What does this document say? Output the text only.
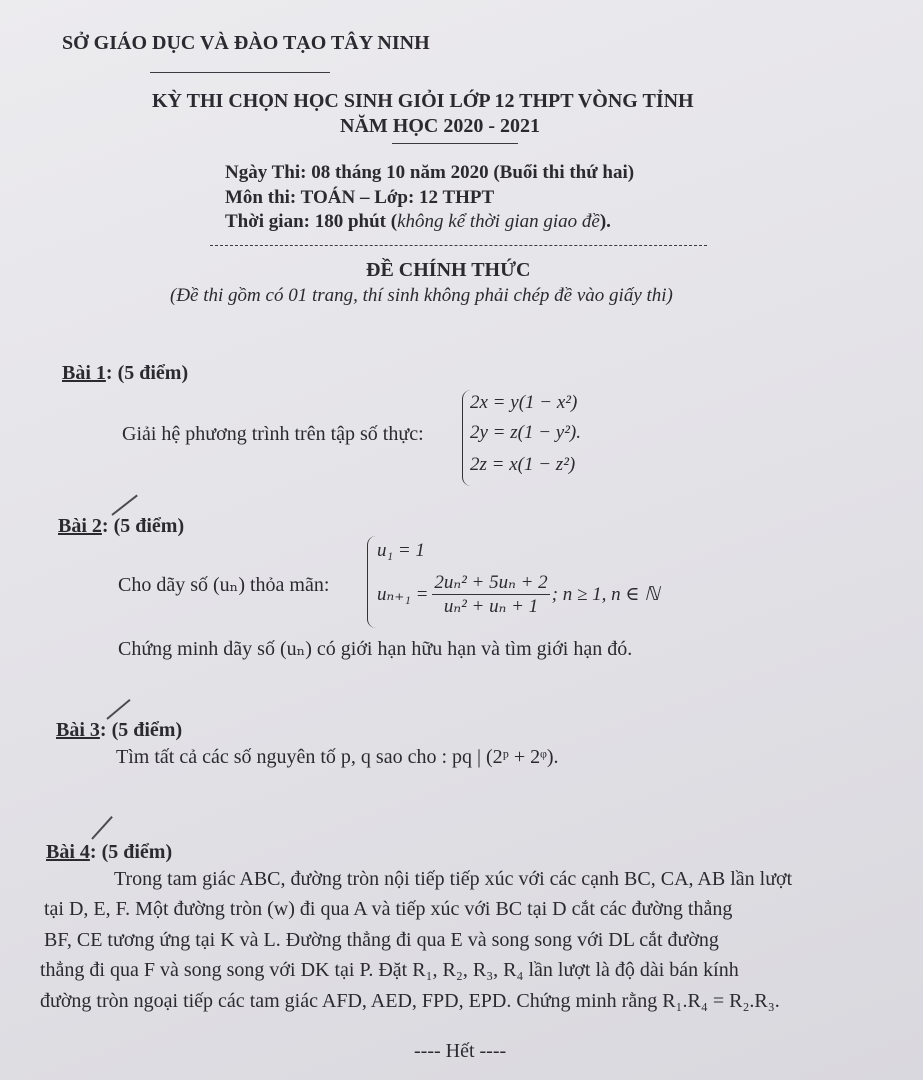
SỞ GIÁO DỤC VÀ ĐÀO TẠO TÂY NINH
KỲ THI CHỌN HỌC SINH GIỎI LỚP 12 THPT VÒNG TỈNH
NĂM HỌC 2020 - 2021
Ngày Thi: 08 tháng 10 năm 2020 (Buổi thi thứ hai)
Môn thi: TOÁN – Lớp: 12 THPT
Thời gian: 180 phút (không kể thời gian giao đề).
ĐỀ CHÍNH THỨC
(Đề thi gồm có 01 trang, thí sinh không phải chép đề vào giấy thi)
Bài 1: (5 điểm)
Giải hệ phương trình trên tập số thực:
2x = y(1 − x²)
2y = z(1 − y²).
2z = x(1 − z²)
Bài 2: (5 điểm)
Cho dãy số (uₙ) thỏa mãn:
u₁ = 1
$u_{n+1} = \frac{\text{2uₙ² + 5uₙ + 2}}{\text{uₙ² + uₙ + 1}}$ ; n ≥ 1, n ∈ ℕ
Chứng minh dãy số (uₙ) có giới hạn hữu hạn và tìm giới hạn đó.
Bài 3: (5 điểm)
Tìm tất cả các số nguyên tố p, q sao cho : pq | (2ᵖ + 2ᵠ).
Bài 4: (5 điểm)

Trong tam giác ABC, đường tròn nội tiếp tiếp xúc với các cạnh BC, CA, AB lần lượt

tại D, E, F. Một đường tròn (w) đi qua A và tiếp xúc với BC tại D cắt các đường thẳng

BF, CE tương ứng tại K và L. Đường thẳng đi qua E và song song với DL cắt đường

thẳng đi qua F và song song với DK tại P. Đặt R₁, R₂, R₃, R₄ lần lượt là độ dài bán kính

đường tròn ngoại tiếp các tam giác AFD, AED, FPD, EPD. Chứng minh rằng R₁.R₄ = R₂.R₃.

---- Hết ----
